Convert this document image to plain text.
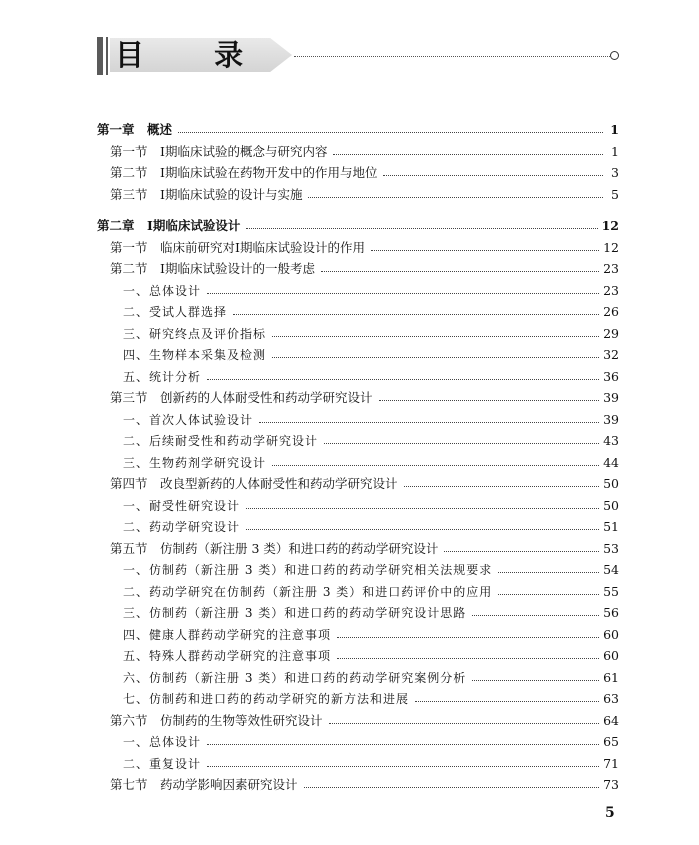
目 录
第一章 概述	1
第一节 Ⅰ期临床试验的概念与研究内容	1
第二节 Ⅰ期临床试验在药物开发中的作用与地位	3
第三节 Ⅰ期临床试验的设计与实施	5
第二章 Ⅰ期临床试验设计	12
第一节 临床前研究对Ⅰ期临床试验设计的作用	12
第二节 Ⅰ期临床试验设计的一般考虑	23
一、总体设计	23
二、受试人群选择	26
三、研究终点及评价指标	29
四、生物样本采集及检测	32
五、统计分析	36
第三节 创新药的人体耐受性和药动学研究设计	39
一、首次人体试验设计	39
二、后续耐受性和药动学研究设计	43
三、生物药剂学研究设计	44
第四节 改良型新药的人体耐受性和药动学研究设计	50
一、耐受性研究设计	50
二、药动学研究设计	51
第五节 仿制药（新注册 3 类）和进口药的药动学研究设计	53
一、仿制药（新注册 3 类）和进口药的药动学研究相关法规要求	54
二、药动学研究在仿制药（新注册 3 类）和进口药评价中的应用	55
三、仿制药（新注册 3 类）和进口药的药动学研究设计思路	56
四、健康人群药动学研究的注意事项	60
五、特殊人群药动学研究的注意事项	60
六、仿制药（新注册 3 类）和进口药的药动学研究案例分析	61
七、仿制药和进口药的药动学研究的新方法和进展	63
第六节 仿制药的生物等效性研究设计	64
一、总体设计	65
二、重复设计	71
第七节 药动学影响因素研究设计	73
5
